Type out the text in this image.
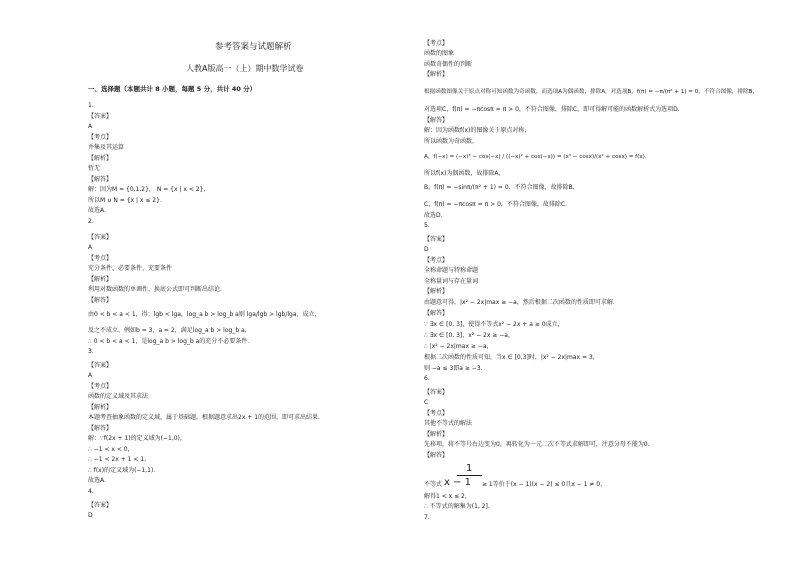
参考答案与试题解析
人教A版高一（上）期中数学试卷
一、选择题（本题共计 8 小题，每题 5 分，共计 40 分）
1.
【答案】
A
【考点】
并集及其运算
【解析】
暂无
【解答】
解：因为M = {0,1,2}， N = {x | x < 2}，
所以M ∪ N = {x | x ≤ 2}.
故选A.
2.
【答案】
A
【考点】
充分条件、必要条件、充要条件
【解析】
利用对数函数的单调性、换底公式即可判断出结论．
【解答】
由0 < b < a < 1，得：lgb < lga，log_a b > log_b a则 lga/lgb > lgb/lga，成立，
反之不成立，例如b = 3，a = 2，满足log_a b > log_b a，
∴ 0 < b < a < 1，是log_a b > log_b a的充分不必要条件．
3.
【答案】
A
【考点】
函数的定义域及其求法
【解析】
本题考查抽象函数的定义域，属于基础题，根据题意求出2x + 1的范围，即可求出结果．
【解答】
解：∵f(2x + 1)的定义域为(−1,0)，
∴ −1 < x < 0，
∴ −1 < 2x + 1 < 1，
∴ f(x)的定义域为(−1,1)．
故选A.
4.
【答案】
D
【考点】
函数的图象
函数奇偶性的判断
【解析】
根据函数图像关于原点对称可知函数为奇函数，而选项A为偶函数，排除A，对选项B，f(π) = −π/(π² + 1) = 0，不符合图像，排除B，
对选项C，f(π) = −πcosπ = π > 0，不符合图像，排除C，即可得解可能的函数解析式为选项D.
【解答】
解：因为函数f(x)的图像关于原点对称，
所以函数为奇函数，
A，f(−x) = (−x)³ − cos(−x) / ((−x)² + cos(−x)) = (x³ − cosx)/(x² + cosx) = f(x)，
所以f(x)为偶函数，故排除A，
B，f(π) = −sinπ/(π² + 1) = 0，不符合图像，故排除B，
C，f(π) = −πcosπ = π > 0，不符合图像，故排除C.
故选D.
5.
【答案】
D
【考点】
全称命题与特称命题
全称量词与存在量词
【解析】
由题意可得，|x² − 2x|max ≥ −a，然后根据二次函数的性质即可求解．
【解答】
∵ ∃x ∈ [0, 3]，使得不等式x² − 2x + a ≥ 0成立，
∴ ∃x ∈ [0, 3]，x² − 2x ≥ −a，
∴ |x² − 2x|max ≥ −a，
根据二次函数的性质可知，当x ∈ [0,3]时，|x² − 2x|max = 3，
则 −a ≤ 3即a ≥ −3.
6.
【答案】
C
【考点】
其他不等式的解法
【解析】
先移项，将不等号右边变为0，再转化为一元二次不等式求解即可，注意分母不能为0.
【解答】
1
不等式 x − 1 ≥ 1等价于(x − 1)(x − 2) ≤ 0且x − 1 ≠ 0，
解得1 < x ≤ 2，
∴ 不等式的解集为(1, 2].
7.
